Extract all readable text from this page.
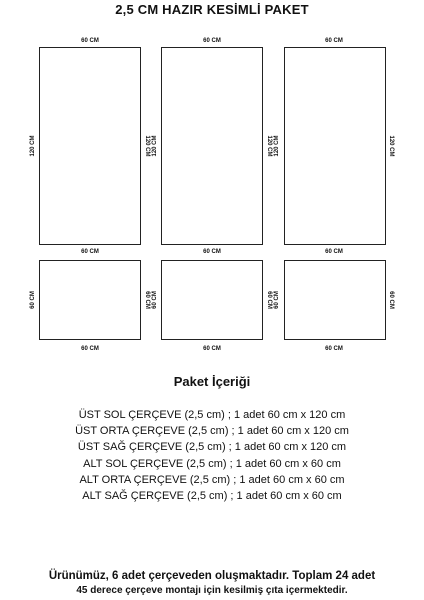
2,5 CM HAZIR KESİMLİ PAKET
60 CM
120 CM	120 CM
60 CM
60 CM
120 CM	120 CM
60 CM
60 CM
120 CM	120 CM
60 CM
60 CM	60 CM
60 CM
60 CM	60 CM
60 CM
60 CM	60 CM
60 CM
Paket İçeriği
ÜST SOL ÇERÇEVE (2,5 cm) ; 1 adet 60 cm x 120 cm
ÜST ORTA ÇERÇEVE (2,5 cm) ; 1 adet 60 cm x 120 cm
ÜST SAĞ ÇERÇEVE (2,5 cm) ; 1 adet 60 cm x 120 cm
ALT SOL ÇERÇEVE (2,5 cm) ; 1 adet 60 cm x 60 cm
ALT ORTA ÇERÇEVE (2,5 cm) ; 1 adet 60 cm x 60 cm
ALT SAĞ ÇERÇEVE (2,5 cm) ; 1 adet 60 cm x 60 cm
Ürünümüz, 6 adet çerçeveden oluşmaktadır. Toplam 24 adet
45 derece çerçeve montajı için kesilmiş çıta içermektedir.
